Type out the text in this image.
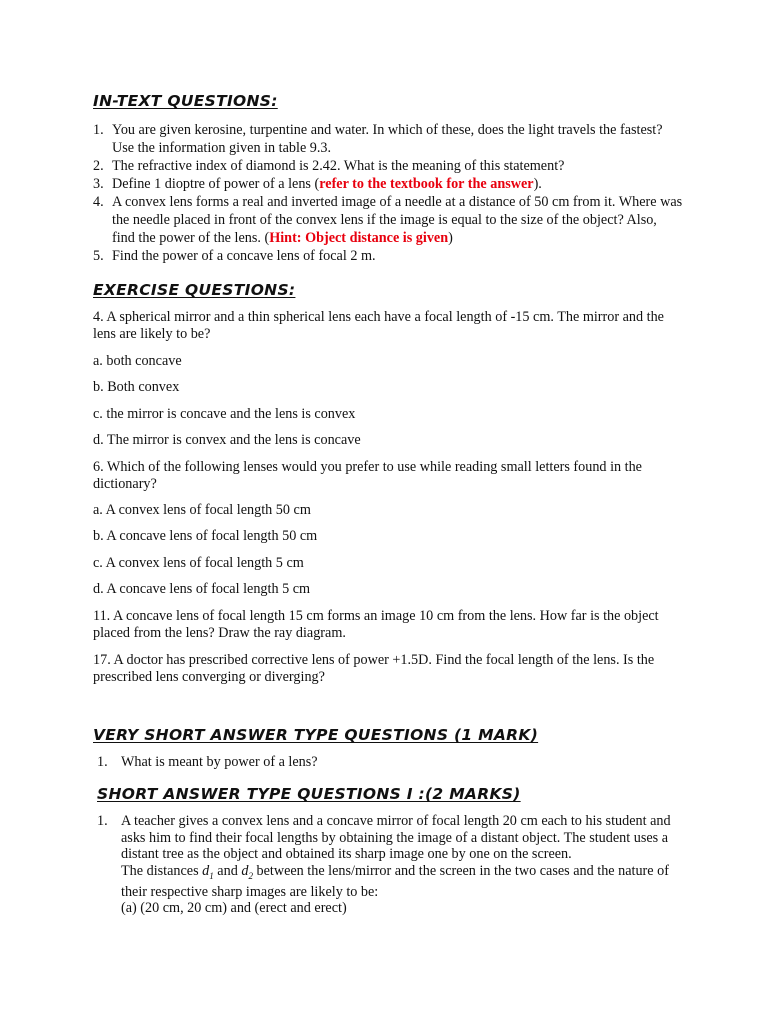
IN-TEXT QUESTIONS:
1. You are given kerosine, turpentine and water. In which of these, does the light travels the fastest? Use the information given in table 9.3.
2. The refractive index of diamond is 2.42. What is the meaning of this statement?
3. Define 1 dioptre of power of a lens (refer to the textbook for the answer).
4. A convex lens forms a real and inverted image of a needle at a distance of 50 cm from it. Where was the needle placed in front of the convex lens if the image is equal to the size of the object? Also, find the power of the lens. (Hint: Object distance is given)
5. Find the power of a concave lens of focal 2 m.
EXERCISE QUESTIONS:
4. A spherical mirror and a thin spherical lens each have a focal length of -15 cm. The mirror and the lens are likely to be?
a. both concave
b. Both convex
c. the mirror is concave and the lens is convex
d. The mirror is convex and the lens is concave
6. Which of the following lenses would you prefer to use while reading small letters found in the dictionary?
a. A convex lens of focal length 50 cm
b. A concave lens of focal length 50 cm
c. A convex lens of focal length 5 cm
d. A concave lens of focal length 5 cm
11. A concave lens of focal length 15 cm forms an image 10 cm from the lens. How far is the object placed from the lens? Draw the ray diagram.
17. A doctor has prescribed corrective lens of power +1.5D. Find the focal length of the lens. Is the prescribed lens converging or diverging?
VERY SHORT ANSWER TYPE QUESTIONS (1 MARK)
1. What is meant by power of a lens?
SHORT ANSWER TYPE QUESTIONS I :(2 MARKS)
1. A teacher gives a convex lens and a concave mirror of focal length 20 cm each to his student and asks him to find their focal lengths by obtaining the image of a distant object. The student uses a distant tree as the object and obtained its sharp image one by one on the screen.
The distances $d_1$ and $d_2$ between the lens/mirror and the screen in the two cases and the nature of their respective sharp images are likely to be:
(a) (20 cm, 20 cm) and (erect and erect)
